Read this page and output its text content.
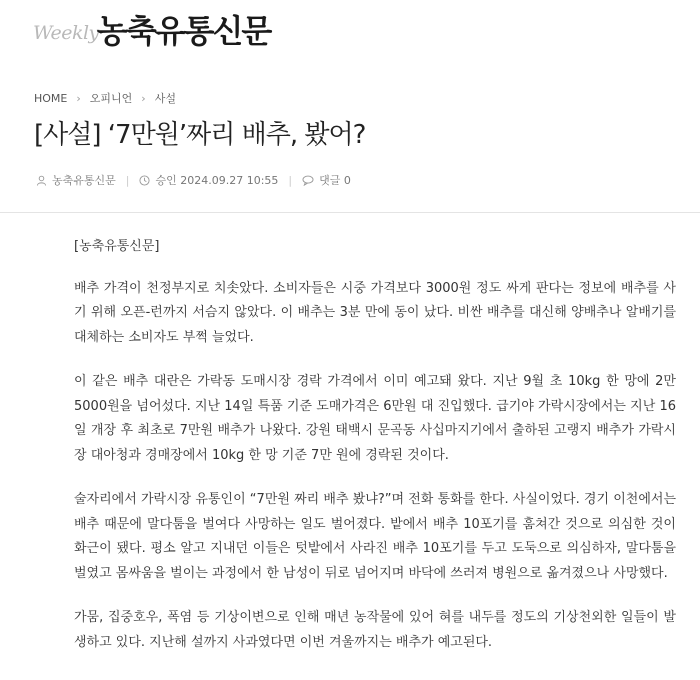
Weekly
농축유통신문
HOME › 오피니언 › 사설
[사설] ‘7만원’짜리 배추, 봤어?
농축유통신문 | 승인 2024.09.27 10:55 | 댓글 0

[농축유통신문]

배추 가격이 천정부지로 치솟았다. 소비자들은 시중 가격보다 3000원 정도 싸게 판다는 정보에 배추를 사기 위해 오픈-런까지 서슴지 않았다. 이 배추는 3분 만에 동이 났다. 비싼 배추를 대신해 양배추나 알배기를 대체하는 소비자도 부쩍 늘었다.

이 같은 배추 대란은 가락동 도매시장 경락 가격에서 이미 예고돼 왔다. 지난 9월 초 10kg 한 망에 2만 5000원을 넘어섰다. 지난 14일 특품 기준 도매가격은 6만원 대 진입했다. 급기야 가락시장에서는 지난 16일 개장 후 최초로 7만원 배추가 나왔다. 강원 태백시 문곡동 사십마지기에서 출하된 고랭지 배추가 가락시장 대아청과 경매장에서 10kg 한 망 기준 7만 원에 경락된 것이다.

술자리에서 가락시장 유통인이 “7만원 짜리 배추 봤냐?”며 전화 통화를 한다. 사실이었다. 경기 이천에서는 배추 때문에 말다툼을 벌여다 사망하는 일도 벌어졌다. 밭에서 배추 10포기를 훔쳐간 것으로 의심한 것이 화근이 됐다. 평소 알고 지내던 이들은 텃밭에서 사라진 배추 10포기를 두고 도둑으로 의심하자, 말다툼을 벌였고 몸싸움을 벌이는 과정에서 한 남성이 뒤로 넘어지며 바닥에 쓰러져 병원으로 옮겨졌으나 사망했다.

가뭄, 집중호우, 폭염 등 기상이변으로 인해 매년 농작물에 있어 혀를 내두를 정도의 기상천외한 일들이 발생하고 있다. 지난해 설까지 사과였다면 이번 겨울까지는 배추가 예고된다.
